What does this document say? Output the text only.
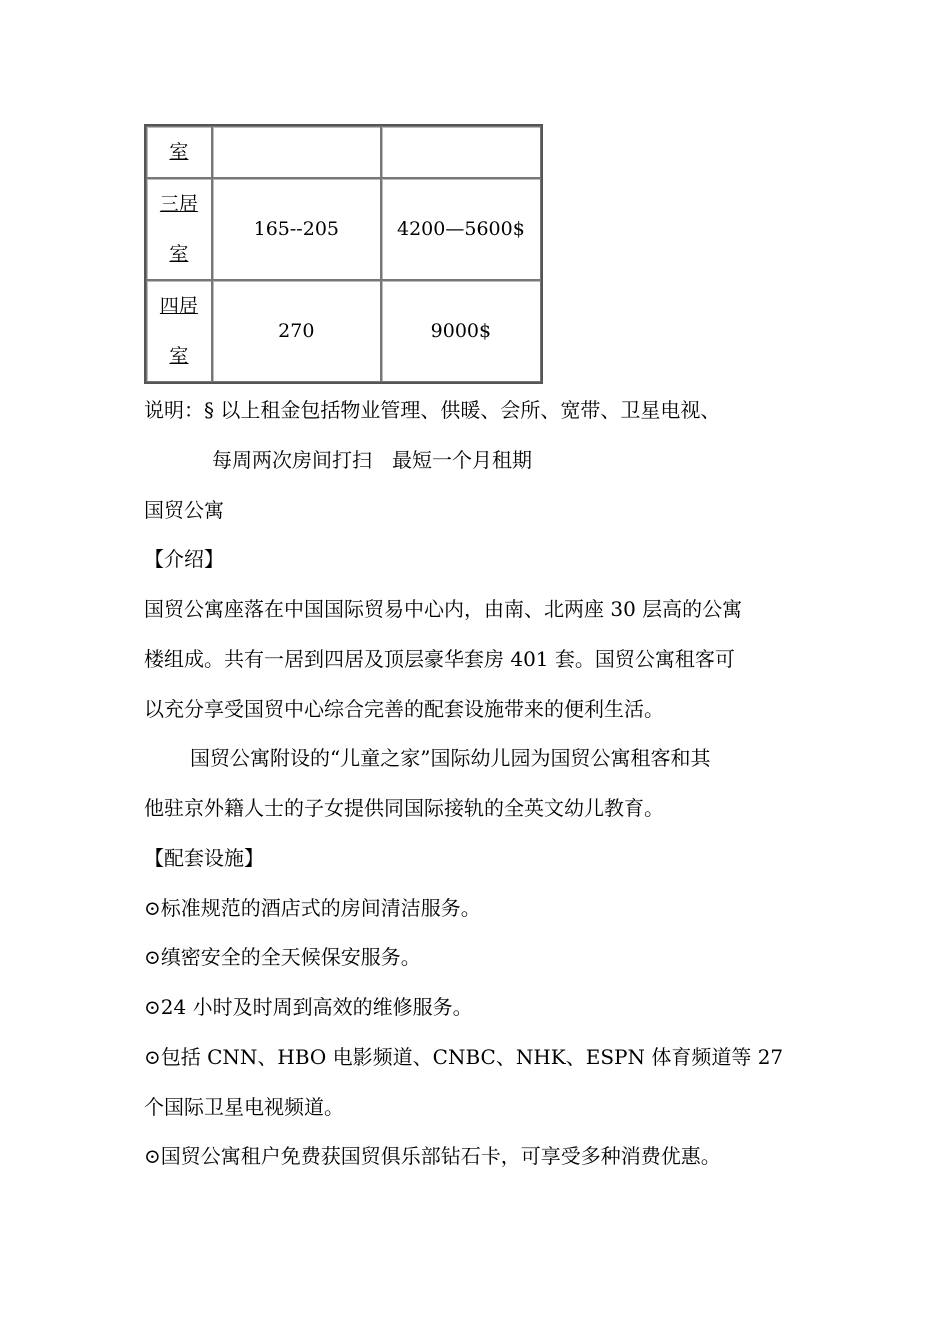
室		
三居室	165--205	4200—5600$
四居室	270	9000$
说明：§ 以上租金包括物业管理、供暖、会所、宽带、卫星电视、
每周两次房间打扫　最短一个月租期
国贸公寓
【介绍】
国贸公寓座落在中国国际贸易中心内，由南、北两座 30 层高的公寓
楼组成。共有一居到四居及顶层豪华套房 401 套。国贸公寓租客可
以充分享受国贸中心综合完善的配套设施带来的便利生活。
国贸公寓附设的“儿童之家”国际幼儿园为国贸公寓租客和其
他驻京外籍人士的子女提供同国际接轨的全英文幼儿教育。
【配套设施】
⊙标准规范的酒店式的房间清洁服务。
⊙缜密安全的全天候保安服务。
⊙24 小时及时周到高效的维修服务。
⊙包括 CNN、HBO 电影频道、CNBC、NHK、ESPN 体育频道等 27
个国际卫星电视频道。
⊙国贸公寓租户免费获国贸俱乐部钻石卡，可享受多种消费优惠。
